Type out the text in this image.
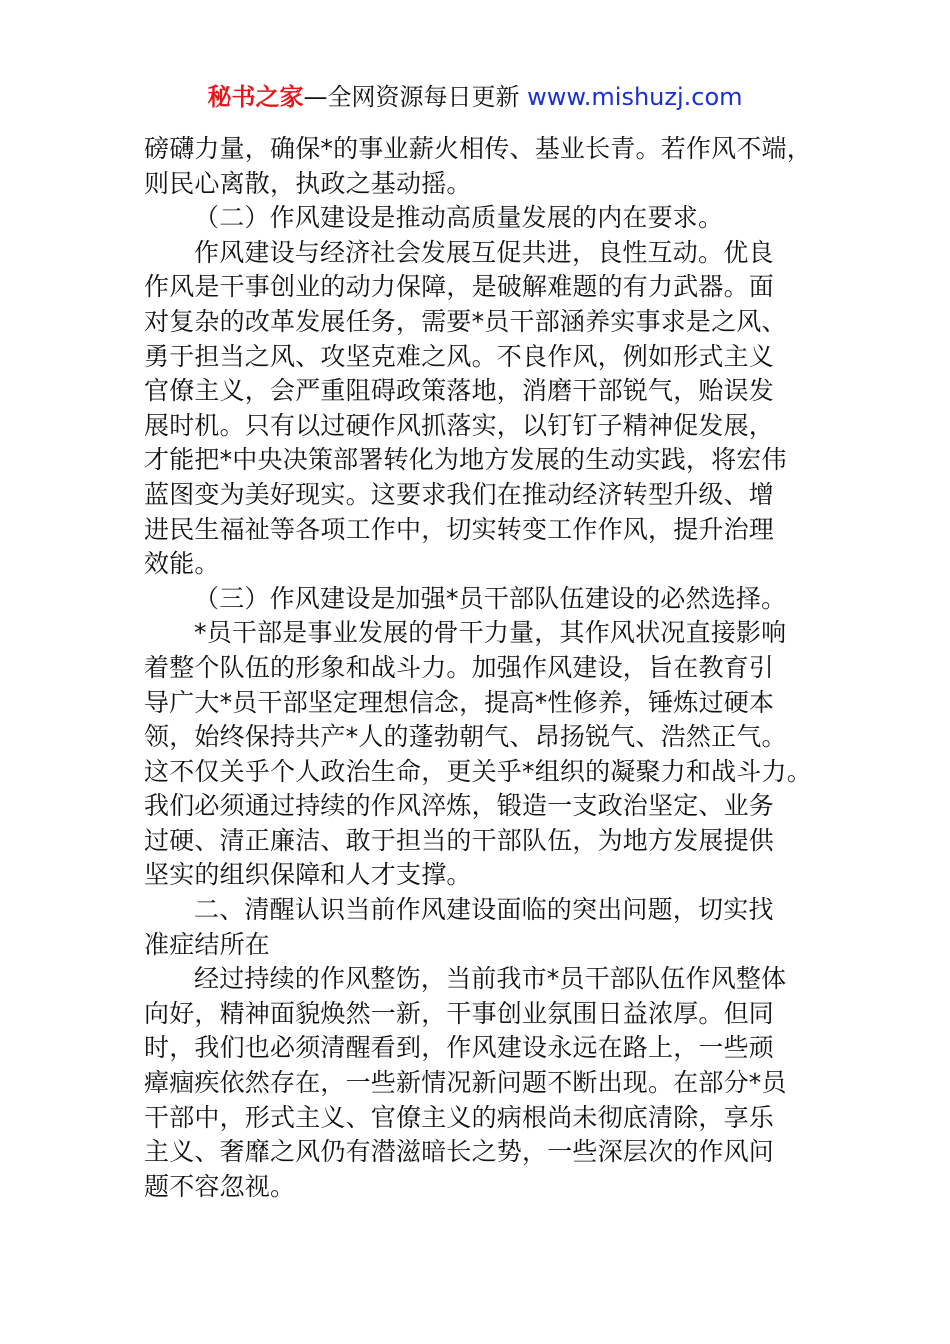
秘书之家—全网资源每日更新 www.mishuzj.com
磅礴力量，确保*的事业薪火相传、基业长青。若作风不端，
则民心离散，执政之基动摇。
（二）作风建设是推动高质量发展的内在要求。
作风建设与经济社会发展互促共进，良性互动。优良
作风是干事创业的动力保障，是破解难题的有力武器。面
对复杂的改革发展任务，需要*员干部涵养实事求是之风、
勇于担当之风、攻坚克难之风。不良作风，例如形式主义
官僚主义，会严重阻碍政策落地，消磨干部锐气，贻误发
展时机。只有以过硬作风抓落实，以钉钉子精神促发展，
才能把*中央决策部署转化为地方发展的生动实践，将宏伟
蓝图变为美好现实。这要求我们在推动经济转型升级、增
进民生福祉等各项工作中，切实转变工作作风，提升治理
效能。
（三）作风建设是加强*员干部队伍建设的必然选择。
*员干部是事业发展的骨干力量，其作风状况直接影响
着整个队伍的形象和战斗力。加强作风建设，旨在教育引
导广大*员干部坚定理想信念，提高*性修养，锤炼过硬本
领，始终保持共产*人的蓬勃朝气、昂扬锐气、浩然正气。
这不仅关乎个人政治生命，更关乎*组织的凝聚力和战斗力。
我们必须通过持续的作风淬炼，锻造一支政治坚定、业务
过硬、清正廉洁、敢于担当的干部队伍，为地方发展提供
坚实的组织保障和人才支撑。
二、清醒认识当前作风建设面临的突出问题，切实找
准症结所在
经过持续的作风整饬，当前我市*员干部队伍作风整体
向好，精神面貌焕然一新，干事创业氛围日益浓厚。但同
时，我们也必须清醒看到，作风建设永远在路上，一些顽
瘴痼疾依然存在，一些新情况新问题不断出现。在部分*员
干部中，形式主义、官僚主义的病根尚未彻底清除，享乐
主义、奢靡之风仍有潜滋暗长之势，一些深层次的作风问
题不容忽视。
